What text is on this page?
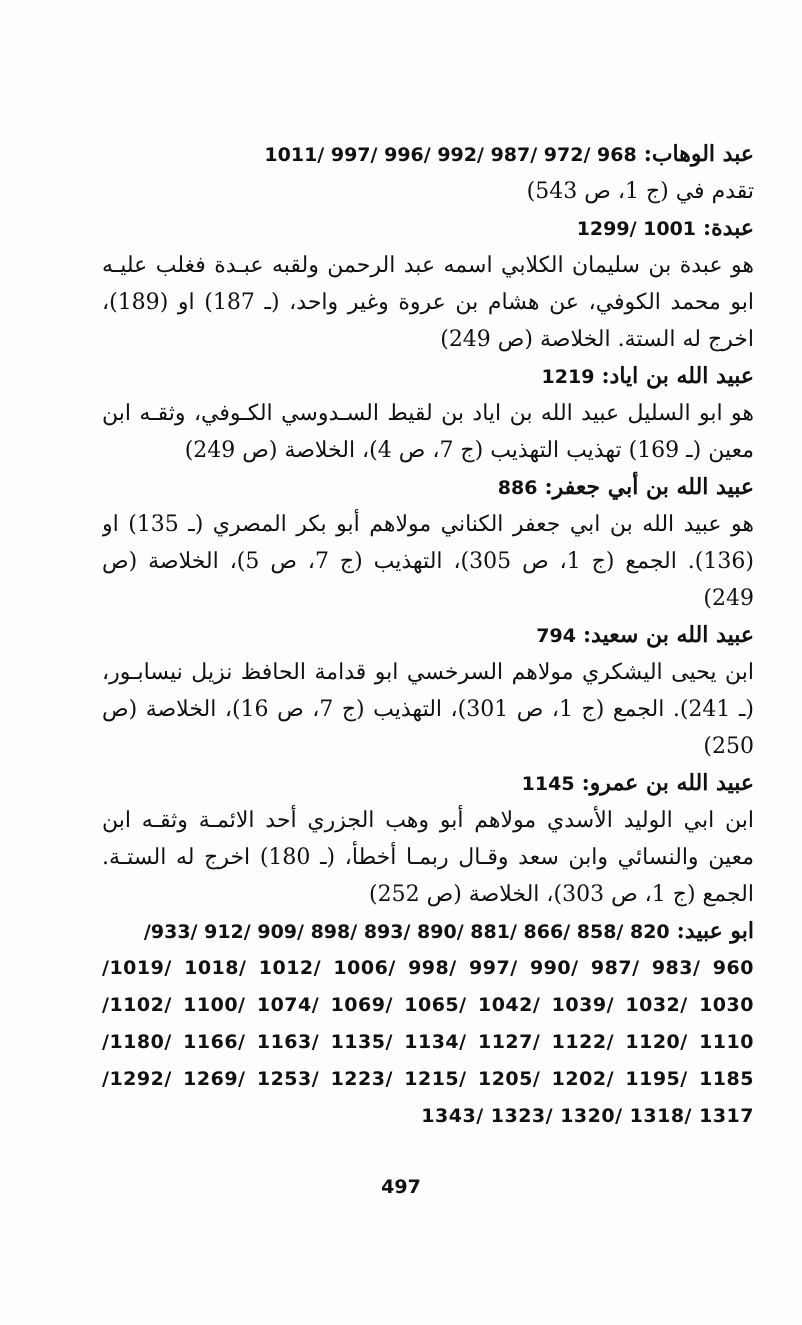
عبد الوهاب: 968 /972 /987 /992 /996 /997 /1011
تقدم في (ج 1، ص 543)
عبدة: 1001 /1299
هو عبدة بن سليمان الكلابي اسمه عبد الرحمن ولقبه عبـدة فغلب عليـه
ابو محمد الكوفي، عن هشام بن عروة وغير واحد، (ـ 187) او (189)،
اخرج له الستة. الخلاصة (ص 249)
عبيد الله بن اياد: 1219
هو ابو السليل عبيد الله بن اياد بن لقيط السـدوسي الكـوفي، وثقـه ابن
معين (ـ 169) تهذيب التهذيب (ج 7، ص 4)، الخلاصة (ص 249)
عبيد الله بن أبي جعفر: 886
هو عبيد الله بن ابي جعفر الكناني مولاهم أبو بكر المصري (ـ 135) او
(136). الجمع (ج 1، ص 305)، التهذيب (ج 7، ص 5)، الخلاصة (ص
249)
عبيد الله بن سعيد: 794
ابن يحيى اليشكري مولاهم السرخسي ابو قدامة الحافظ نزيل نيسابـور،
(ـ 241). الجمع (ج 1، ص 301)، التهذيب (ج 7، ص 16)، الخلاصة (ص
250)
عبيد الله بن عمرو: 1145
ابن ابي الوليد الأسدي مولاهم أبو وهب الجزري أحد الائمـة وثقـه ابن
معين والنسائي وابن سعد وقـال ربمـا أخطأ، (ـ 180) اخرج له الستـة.
الجمع (ج 1، ص 303)، الخلاصة (ص 252)
ابو عبيد: 820 /858 /866 /881 /890 /893 /898 /909 /912 /933/
960 /983 /987 /990 /997 /998 /1006 /1012 /1018 /1019/
1030 /1032 /1039 /1042 /1065 /1069 /1074 /1100 /1102/
1110 /1120 /1122 /1127 /1134 /1135 /1163 /1166 /1180/
1185 /1195 /1202 /1205 /1215 /1223 /1253 /1269 /1292/
1317 /1318 /1320 /1323 /1343
497
